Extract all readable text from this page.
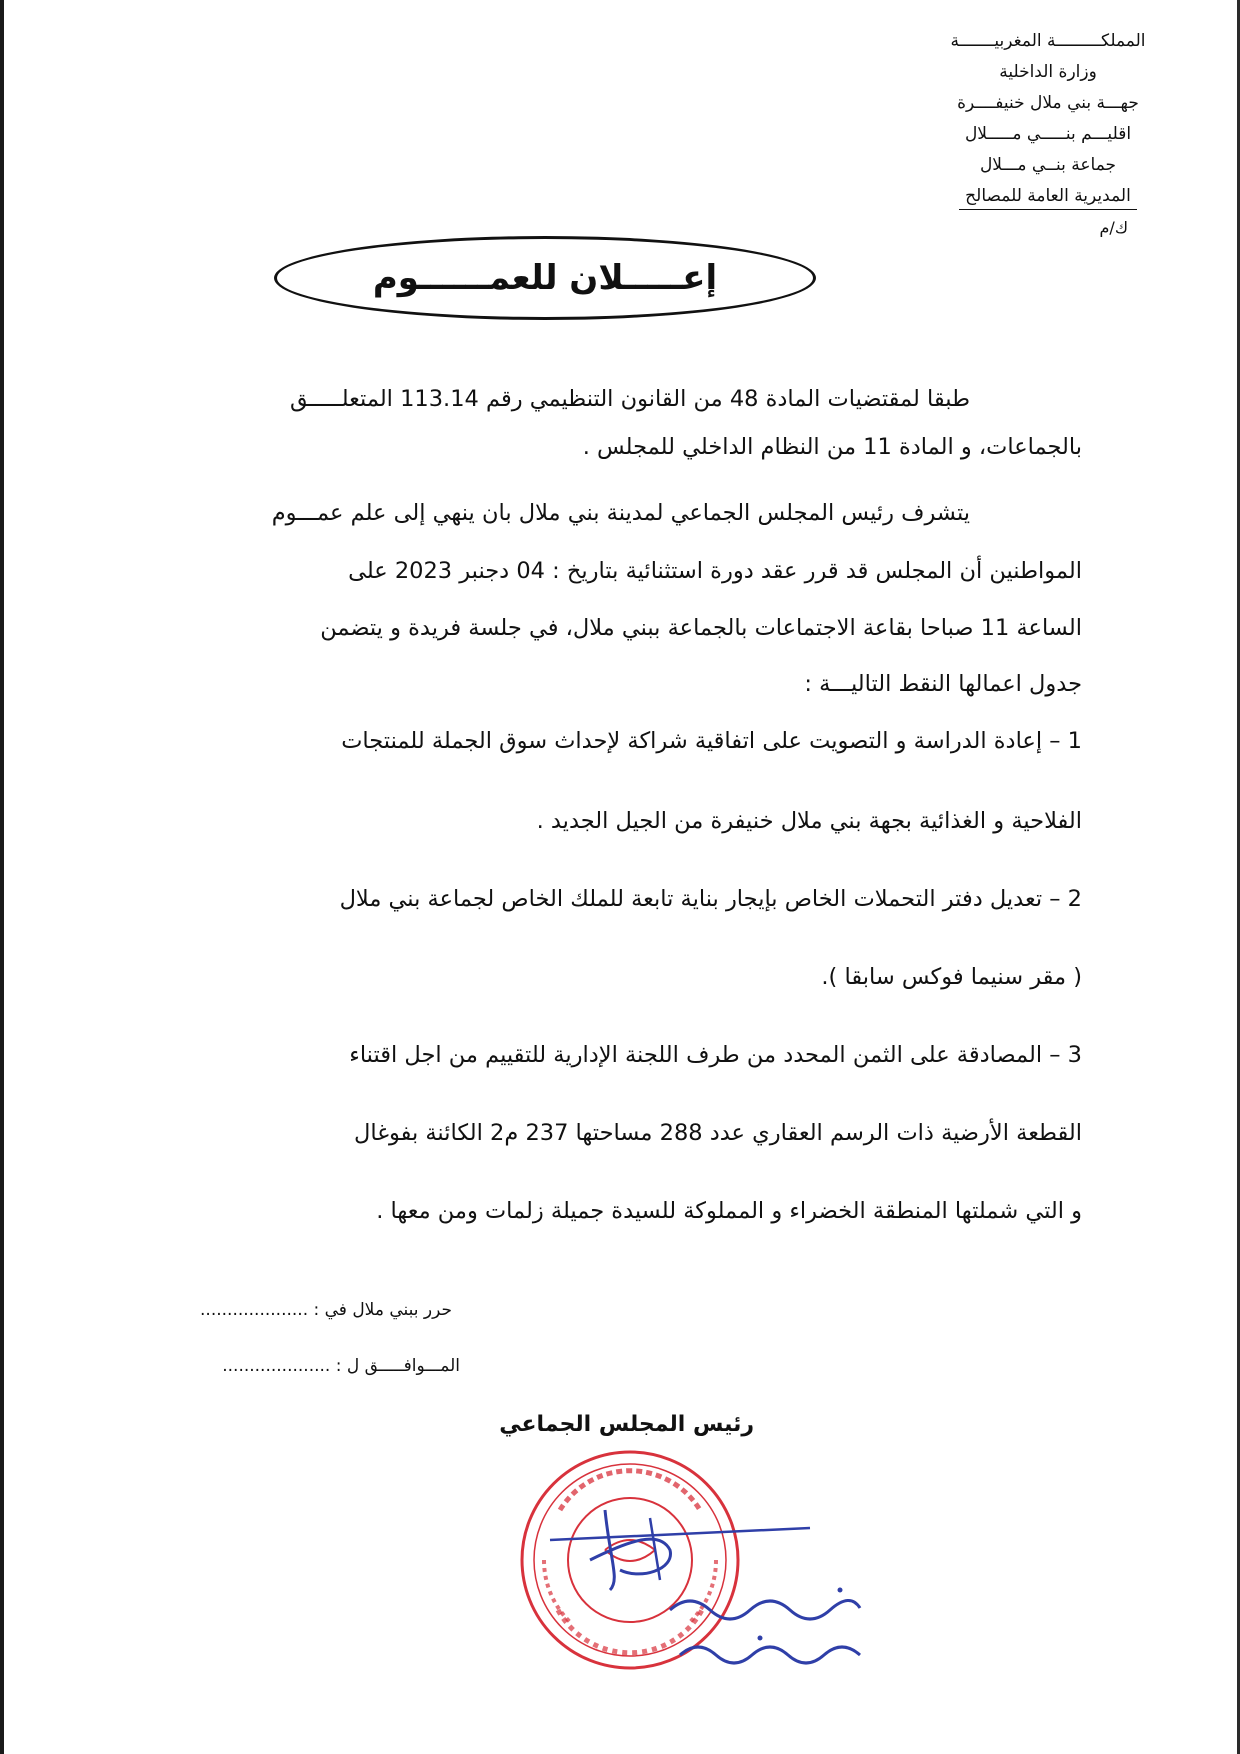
المملكـــــــــة المغربيـــــــة
وزارة الداخلية
جهـــة بني ملال خنيفــــرة
اقليـــم بنـــــي مـــــلال
جماعة بنــي مـــلال
المديرية العامة للمصالح
ك/م
إعـــــلان للعمــــــوم
طبقا لمقتضيات المادة 48 من القانون التنظيمي رقم 113.14 المتعلـــــق
بالجماعات، و المادة 11 من النظام الداخلي للمجلس .
يتشرف رئيس المجلس الجماعي لمدينة بني ملال بان ينهي إلى علم عمـــوم
المواطنين أن المجلس قد قرر عقد دورة استثنائية بتاريخ : 04 دجنبر 2023 على
الساعة 11 صباحا بقاعة الاجتماعات بالجماعة ببني ملال، في جلسة فريدة و يتضمن
جدول اعمالها النقط التاليـــة :
1 – إعادة الدراسة و التصويت على اتفاقية شراكة لإحداث سوق الجملة للمنتجات
الفلاحية و الغذائية بجهة بني ملال خنيفرة من الجيل الجديد .
2 – تعديل دفتر التحملات الخاص بإيجار بناية تابعة للملك الخاص لجماعة بني ملال
( مقر سنيما فوكس سابقا ).
3 – المصادقة على الثمن المحدد من طرف اللجنة الإدارية للتقييم من اجل اقتناء
القطعة الأرضية ذات الرسم العقاري عدد 288 مساحتها 237 م2 الكائنة بفوغال
و التي شملتها المنطقة الخضراء و المملوكة للسيدة جميلة زلمات ومن معها .
حرر ببني ملال في : ....................
المـــوافـــــق ل : ....................
رئيس المجلس الجماعي
